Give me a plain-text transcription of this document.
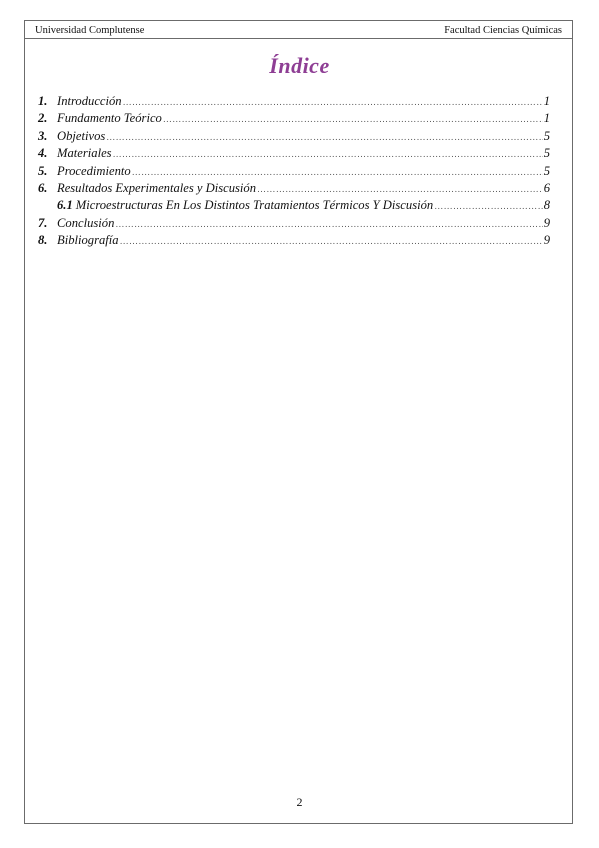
Universidad Complutense	Facultad Ciencias Químicas
Índice
1. Introducción ………………………………………………………………………………………………………………………………………………………………………………………………………………………………	1
2. Fundamento Teórico ………………………………………………………………………………………………………………………………………………………………………………………………………………………………	1
3. Objetivos ………………………………………………………………………………………………………………………………………………………………………………………………………………………………	5
4. Materiales ………………………………………………………………………………………………………………………………………………………………………………………………………………………………	5
5. Procedimiento ………………………………………………………………………………………………………………………………………………………………………………………………………………………………	5
6. Resultados Experimentales y Discusión ………………………………………………………………………………………………………………………………………………………………………………………………………………………………	6
6.1 Microestructuras En Los Distintos Tratamientos Térmicos Y Discusión ………………………………………………………………………………………………………………………………………………………………………………………………………………………………	8
7. Conclusión ………………………………………………………………………………………………………………………………………………………………………………………………………………………………	9
8. Bibliografía ………………………………………………………………………………………………………………………………………………………………………………………………………………………………	9
2
